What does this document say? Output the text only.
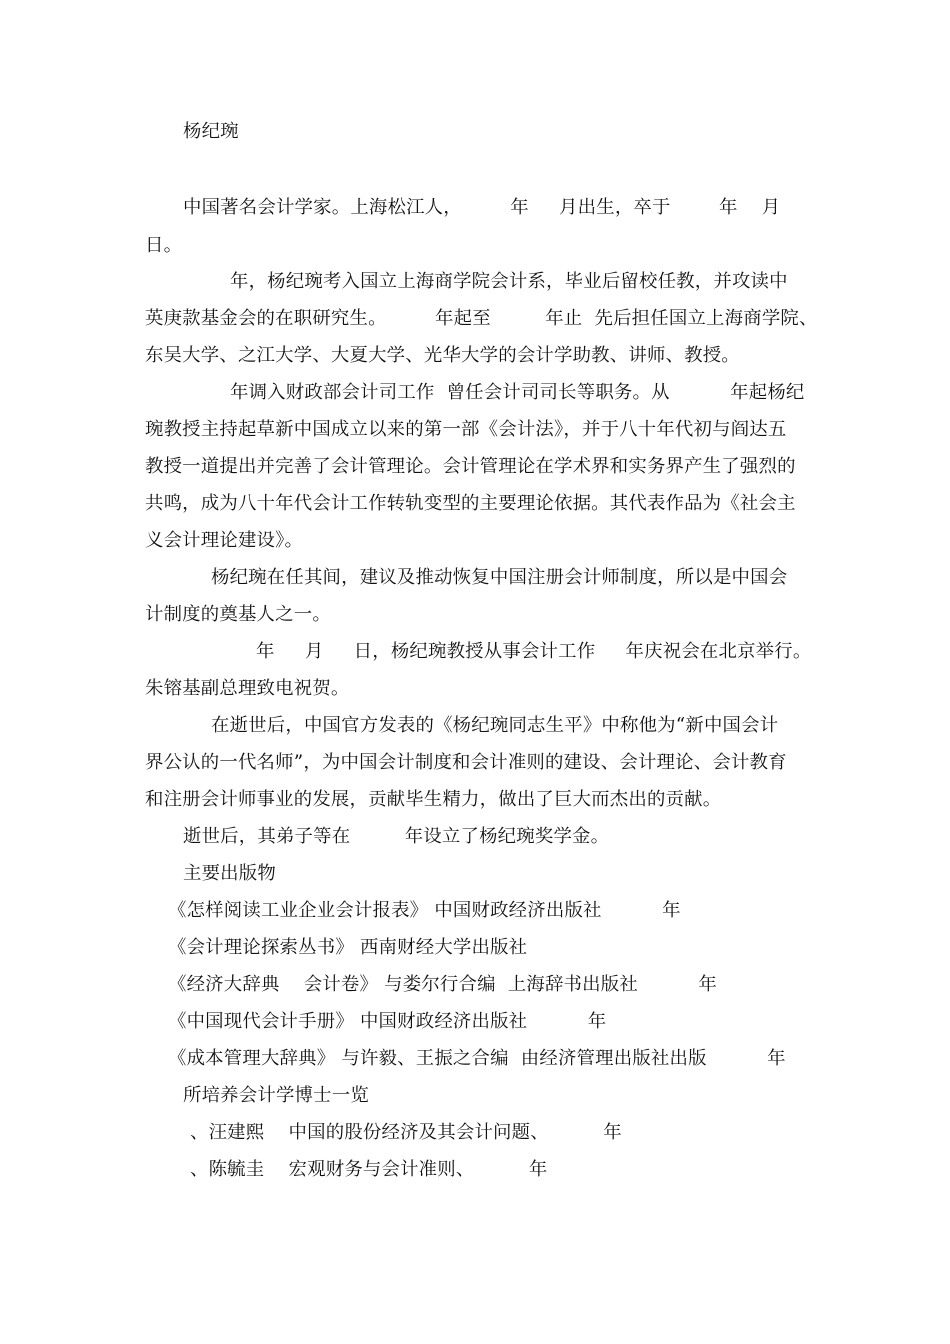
杨纪琬
中国著名会计学家。上海松江人，        年     月出生，卒于        年    月
日。
年，杨纪琬考入国立上海商学院会计系，毕业后留校任教，并攻读中
英庚款基金会的在职研究生。        年起至         年止  先后担任国立上海商学院、
东吴大学、之江大学、大夏大学、光华大学的会计学助教、讲师、教授。
年调入财政部会计司工作  曾任会计司司长等职务。从          年起杨纪
琬教授主持起草新中国成立以来的第一部《会计法》，并于八十年代初与阎达五
教授一道提出并完善了会计管理论。会计管理论在学术界和实务界产生了强烈的
共鸣，成为八十年代会计工作转轨变型的主要理论依据。其代表作品为《社会主
义会计理论建设》。
杨纪琬在任其间，建议及推动恢复中国注册会计师制度，所以是中国会
计制度的奠基人之一。
年     月     日，杨纪琬教授从事会计工作     年庆祝会在北京举行。
朱镕基副总理致电祝贺。
在逝世后，中国官方发表的《杨纪琬同志生平》中称他为“新中国会计
界公认的一代名师”，为中国会计制度和会计准则的建设、会计理论、会计教育
和注册会计师事业的发展，贡献毕生精力，做出了巨大而杰出的贡献。
逝世后，其弟子等在         年设立了杨纪琬奖学金。
主要出版物
《怎样阅读工业企业会计报表》 中国财政经济出版社          年
《会计理论探索丛书》 西南财经大学出版社
《经济大辞典    会计卷》 与娄尔行合编  上海辞书出版社          年
《中国现代会计手册》 中国财政经济出版社          年
《成本管理大辞典》 与许毅、王振之合编  由经济管理出版社出版          年
所培养会计学博士一览
、汪建熙    中国的股份经济及其会计问题、         年
、陈毓圭    宏观财务与会计准则、         年
